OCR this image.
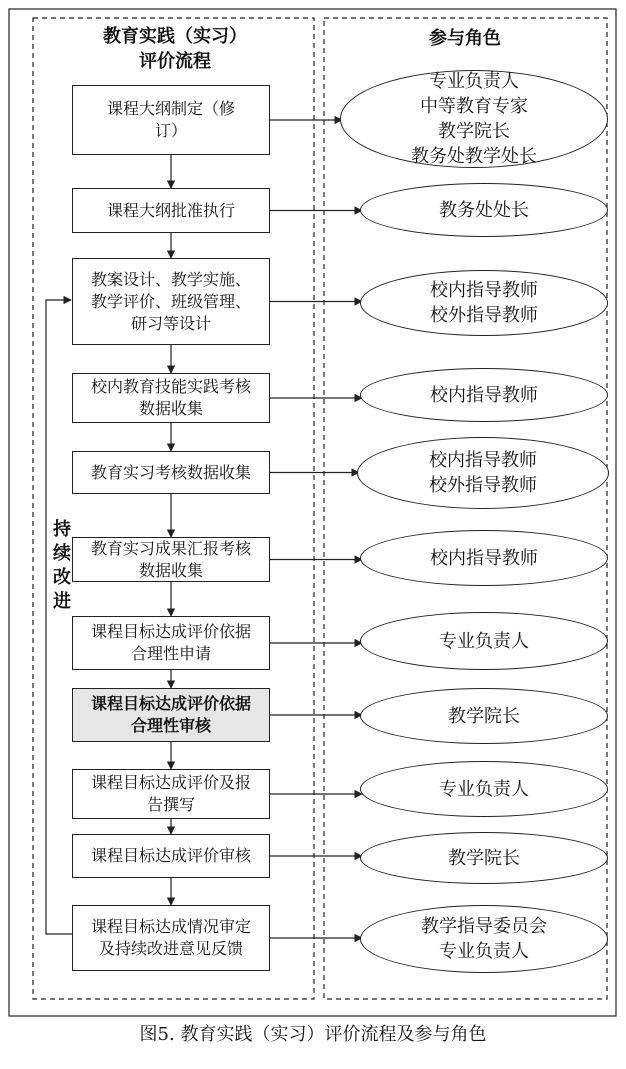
教育实践（实习）
评价流程
参与角色
持
续
改
进
课程大纲制定（修
订）
课程大纲批准执行
教案设计、教学实施、
教学评价、班级管理、
研习等设计
校内教育技能实践考核
数据收集
教育实习考核数据收集
教育实习成果汇报考核
数据收集
课程目标达成评价依据
合理性申请
课程目标达成评价依据
合理性审核
课程目标达成评价及报
告撰写
课程目标达成评价审核
课程目标达成情况审定
及持续改进意见反馈
专业负责人
中等教育专家
教学院长
教务处教学处长
教务处处长
校内指导教师
校外指导教师
校内指导教师
校内指导教师
校外指导教师
校内指导教师
专业负责人
教学院长
专业负责人
教学院长
教学指导委员会
专业负责人
图5. 教育实践（实习）评价流程及参与角色
